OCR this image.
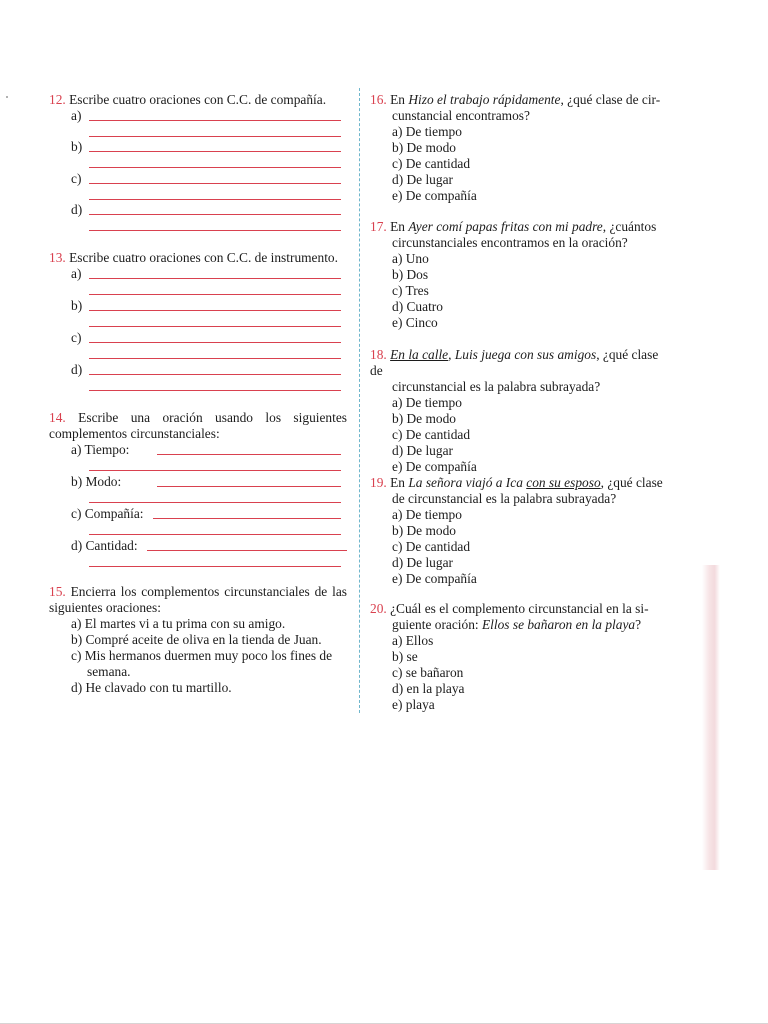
12. Escribe cuatro oraciones con C.C. de compañía.
a)
b)
c)
d)
13. Escribe cuatro oraciones con C.C. de instrumento.
a)
b)
c)
d)
14. Escribe una oración usando los siguientes complementos circunstanciales:
a) Tiempo:
b) Modo:
c) Compañía:
d) Cantidad:
15. Encierra los complementos circunstanciales de las siguientes oraciones:
a) El martes vi a tu prima con su amigo.
b) Compré aceite de oliva en la tienda de Juan.
c) Mis hermanos duermen muy poco los fines de
semana.
d) He clavado con tu martillo.
16. En Hizo el trabajo rápidamente, ¿qué clase de cir-
cunstancial encontramos?
a) De tiempo
b) De modo
c) De cantidad
d) De lugar
e) De compañía
17. En Ayer comí papas fritas con mi padre, ¿cuántos
circunstanciales encontramos en la oración?
a) Uno
b) Dos
c) Tres
d) Cuatro
e) Cinco
18. En la calle, Luis juega con sus amigos, ¿qué clase de
circunstancial es la palabra subrayada?
a) De tiempo
b) De modo
c) De cantidad
d) De lugar
e) De compañía
19. En La señora viajó a Ica con su esposo, ¿qué clase
de circunstancial es la palabra subrayada?
a) De tiempo
b) De modo
c) De cantidad
d) De lugar
e) De compañía
20. ¿Cuál es el complemento circunstancial en la si-
guiente oración: Ellos se bañaron en la playa?
a) Ellos
b) se
c) se bañaron
d) en la playa
e) playa
